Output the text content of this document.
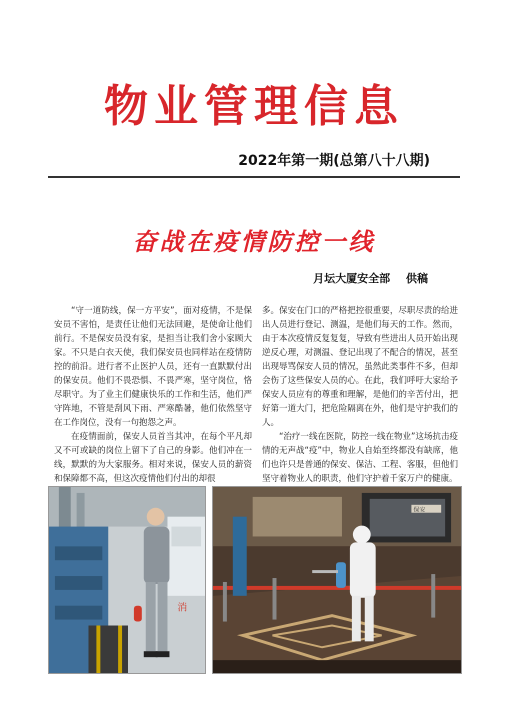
物业管理信息
2022年第一期(总第八十八期)
奋战在疫情防控一线
月坛大厦安全部 供稿

“守一道防线，保一方平安”，面对疫情，不是保安员不害怕，是责任让他们无法回避，是使命让他们前行。不是保安员没有家，是担当让我们舍小家顾大家。不只是白衣天使，我们保安员也同样站在疫情防控的前沿。进行者不止医护人员，还有一直默默付出的保安员。他们不畏恐惧、不畏严寒，坚守岗位，恪尽职守。为了业主们健康快乐的工作和生活，他们严守阵地，不管是刮风下雨、严寒酷暑，他们依然坚守在工作岗位，没有一句抱怨之声。

在疫情面前，保安人员首当其冲，在每个平凡却又不可或缺的岗位上留下了自己的身影。他们冲在一线，默默的为大家服务。相对来说，保安人员的薪资和保障都不高，但这次疫情他们付出的却很

多。保安在门口的严格把控很重要，尽职尽责的给进出人员进行登记、测温，是他们每天的工作。然而，由于本次疫情反复复复，导致有些进出人员开始出现逆反心理，对测温、登记出现了不配合的情况，甚至出现辱骂保安人员的情况，虽然此类事件不多，但却会伤了这些保安人员的心。在此，我们呼吁大家给予保安人员应有的尊重和理解，是他们的辛苦付出，把好第一道大门，把危险隔离在外，他们是守护我们的人。

“治疗一线在医院，防控一线在物业”这场抗击疫情的无声战“疫”中，物业人自始至终都没有缺席，他们也许只是普通的保安、保洁、工程、客服，但他们坚守着物业人的职责，他们守护着千家万户的健康。

消
保安
